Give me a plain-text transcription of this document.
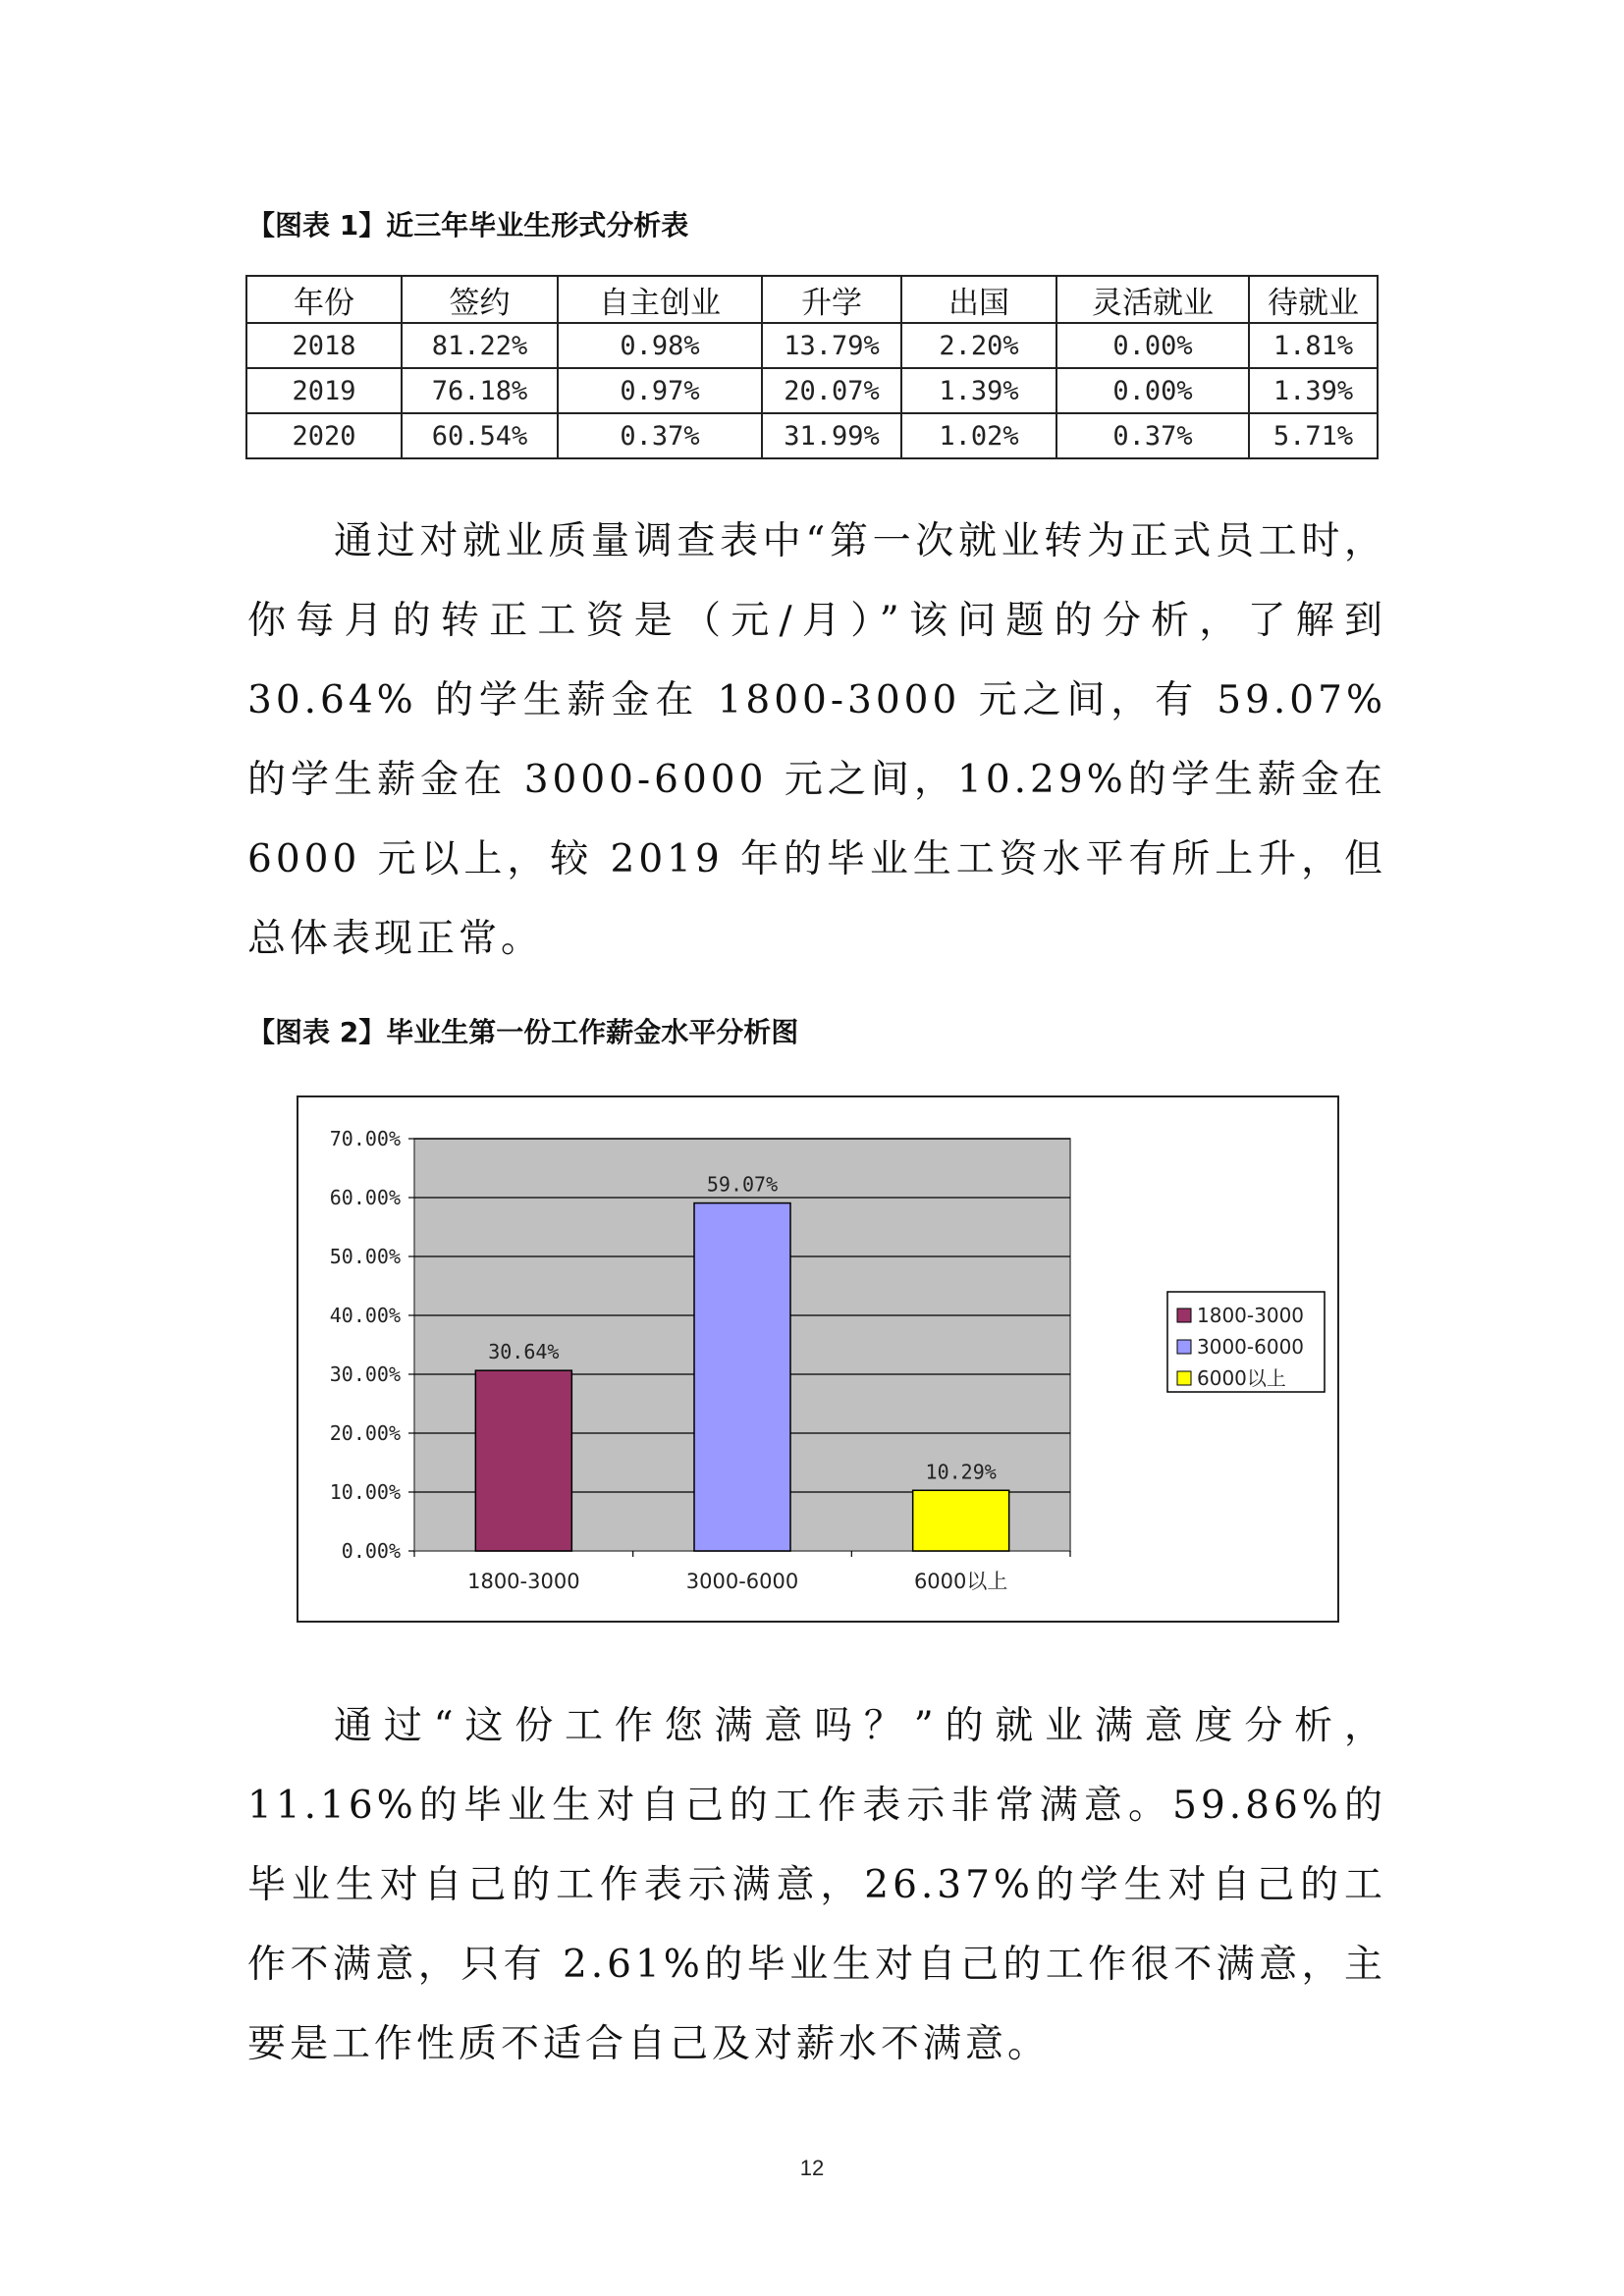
【图表 1】近三年毕业生形式分析表
年份	签约	自主创业	升学	出国	灵活就业	待就业
2018	81.22%	0.98%	13.79%	2.20%	0.00%	1.81%
2019	76.18%	0.97%	20.07%	1.39%	0.00%	1.39%
2020	60.54%	0.37%	31.99%	1.02%	0.37%	5.71%

通过对就业质量调查表中“第一次就业转为正式员工时，你每月的转正工资是（元/月）”该问题的分析，了解到 30.64% 的学生薪金在 1800-3000 元之间，有 59.07%的学生薪金在 3000-6000 元之间，10.29%的学生薪金在 6000 元以上，较 2019 年的毕业生工资水平有所上升，但总体表现正常。

【图表 2】毕业生第一份工作薪金水平分析图
0.00%
10.00%
20.00%
30.00%
40.00%
50.00%
60.00%
70.00%
30.64%
1800-3000
59.07%
3000-6000
10.29%
6000以上
1800-3000
3000-6000
6000以上

通过“这份工作您满意吗？”的就业满意度分析，11.16%的毕业生对自己的工作表示非常满意。59.86%的毕业生对自己的工作表示满意，26.37%的学生对自己的工作不满意，只有 2.61%的毕业生对自己的工作很不满意，主要是工作性质不适合自己及对薪水不满意。

12
